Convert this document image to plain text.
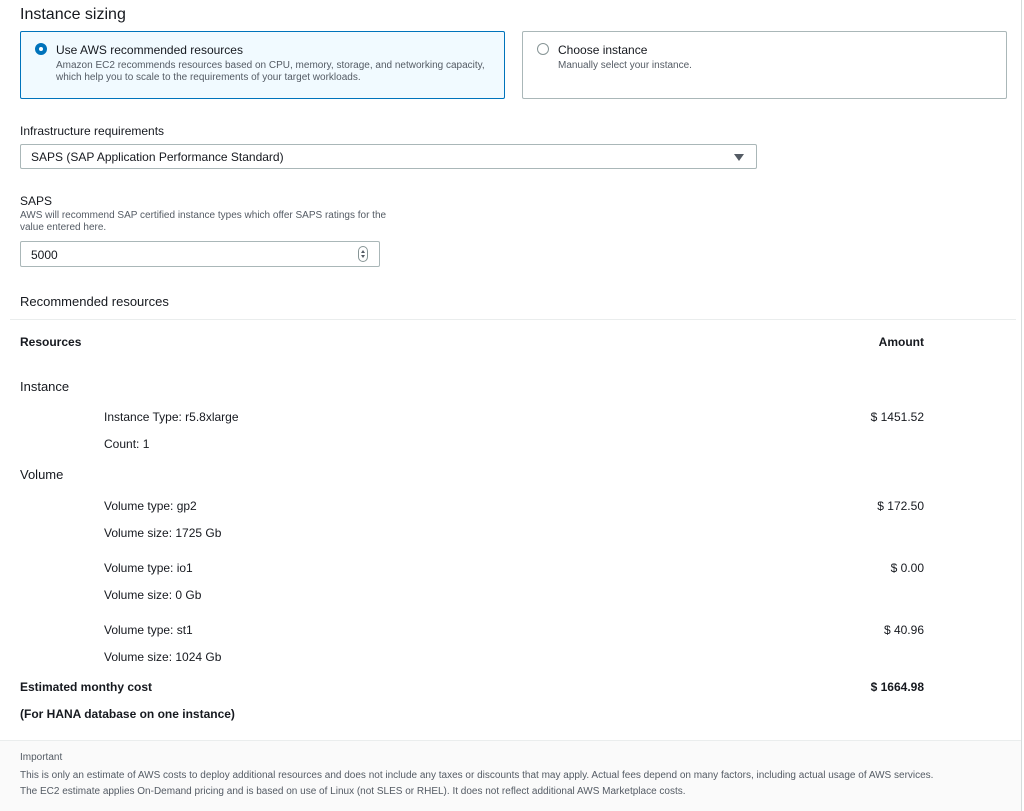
Instance sizing
Use AWS recommended resources
Amazon EC2 recommends resources based on CPU, memory, storage, and networking capacity, which help you to scale to the requirements of your target workloads.
Choose instance
Manually select your instance.
Infrastructure requirements
SAPS (SAP Application Performance Standard)
SAPS
AWS will recommend SAP certified instance types which offer SAPS ratings for the value entered here.
5000
Recommended resources
Resources	Amount
Instance
Instance Type: r5.8xlarge	$ 1451.52
Count: 1
Volume
Volume type: gp2	$ 172.50
Volume size: 1725 Gb
Volume type: io1	$ 0.00
Volume size: 0 Gb
Volume type: st1	$ 40.96
Volume size: 1024 Gb
Estimated monthy cost	$ 1664.98
(For HANA database on one instance)
Important
This is only an estimate of AWS costs to deploy additional resources and does not include any taxes or discounts that may apply. Actual fees depend on many factors, including actual usage of AWS services.
The EC2 estimate applies On-Demand pricing and is based on use of Linux (not SLES or RHEL). It does not reflect additional AWS Marketplace costs.
